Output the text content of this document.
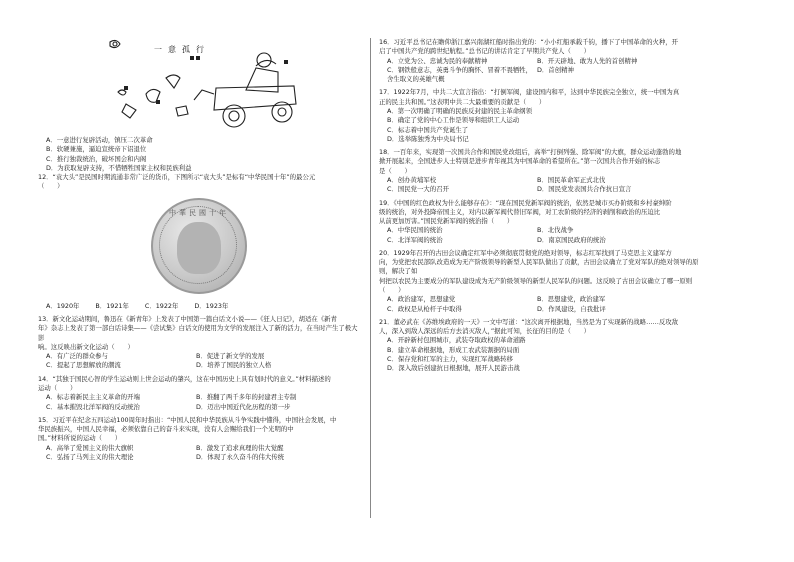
一意孤行

A．一意进行复辟活动，镇压二次革命

B．软硬兼施，逼迫宣统帝下诏退位

C．推行独裁统治，破坏国会和内阁

D．为获取复辟支持，不惜牺牲国家主权和民族利益

12．“袁大头”是民国时期流通非常广泛的货币，下图所示“袁大头”是标有“中华民国十年”的最公元

（　　）

中華民國十年
A．1920年	B．1921年	C．1922年	D．1923年

13．新文化运动期间，鲁迅在《新青年》上发表了中国第一篇白话文小说——《狂人日记》，胡适在《新青

年》杂志上发表了第一部白话诗集——《尝试集》白话文的使用为文学的发展注入了新的活力，在当时产生了极大影

响。这反映出新文化运动（　　）

A．有广泛的群众参与	B．促进了新文学的发展
C．提起了思想解放的潮流	D．培养了国民的独立人格

14．“其独于国民心智的学生运动则上世会运动的肇兴，这在中国历史上具有划时代的意义。”材料描述的

运动（　　）

A．标志着新民主主义革命的开端	B．推翻了两千多年的封建君主专制
C．基本摧毁北洋军阀的反动统治	D．迈出中国近代化历程的第一步

15．习近平在纪念五四运动100周年时指出：“中国人民和中华民族从斗争实践中懂得，中国社会发展，中

华民族振兴，中国人民幸福，必须依靠自己的奋斗来实现，没有人会赐给我们一个光明的中

国。”材料所说的运动（　　）

A．高举了爱国主义的伟大旗帜	B．激发了追求真理的伟大觉醒
C．弘扬了马列主义的伟大理论	D．体现了永久奋斗的伟大传统

16．习近平总书记在瞻仰浙江嘉兴南湖红船时指出党的：“小小红船承载千钧，播下了中国革命的火种，开

启了中国共产党的跨世纪航程。”总书记的讲话肯定了早期共产党人（　　）

A．立党为公、忠诚为民的奉献精神	B．开天辟地、敢为人先的首创精神
C．钢铁般意志，英勇斗争的胸怀、冒着不畏牺牲，舍生取义的英雄气概
D．首创精神

17．1922年7月，中共二大宣言指出：“打倒军阀，建设国内和平，达到中华民族完全独立，统一中国为真

正的民主共和国。”这表明中共二大最重要的贡献是（　　）

A．第一次明确了明确的民族反封建的民主革命纲领

B．确定了党的中心工作是领导和组织工人运动

C．标志着中国共产党诞生了

D．选举陈独秀为中央局书记

18．一百年来，实现第一次国共合作和国民党改组后，高举“打倒列强、除军阀”的大旗，群众运动蓬勃的地

掀开展起来，全国进步人士特别是进步青年视其为中国革命的希望所在。”第一次国共合作开始的标志

是（　　）

A．创办黄埔军校	B．国民革命军正式北伐
C．国民党一大的召开	D．国民党发表国共合作抗日宣言

19．《中国的红色政权为什么能够存在》：“现在国民党新军阀的统治，依然是城市买办阶级和乡村豪绅阶

级的统治，对外投降帝国主义，对内以新军阀代替旧军阀，对工农阶级的经济的剥削和政治的压迫比

从前更加厉害。”国民党新军阀的统治指（　　）

A．中华民国的统治	B．北伐战争
C．北洋军阀的统治	D．南京国民政府的统治

20．1929年召开的古田会议确定红军中必须彻底贯彻党的绝对领导，标志红军找到了马克思主义建军方

向，为党把农民部队改造成为无产阶级领导的新型人民军队做出了贡献，古田会议确立了党对军队的绝对领导的原则，解决了如

何把以农民为主要成分的军队建设成为无产阶级领导的新型人民军队的问题。这反映了古田会议确立了哪一原则（　　）

A．政治建军，思想建党	B．思想建党，政治建军
C．政权是从枪杆子中取得	D．作风建设，自我批评

21．董必武在《苏维埃政府的一天》一文中写道：“这次离开根据地，当然是为了实现新的战略……反攻敌

人，深入到敌人深远的后方去消灭敌人，”据此可知，长征的目的是（　　）

A．开辟新村包围城市，武装夺取政权的革命道路

B．建立革命根据地，形成工农武装割据的局面

C．保存党和红军的主力，实现红军战略转移

D．深入敌后创建抗日根据地，展开人民游击战
